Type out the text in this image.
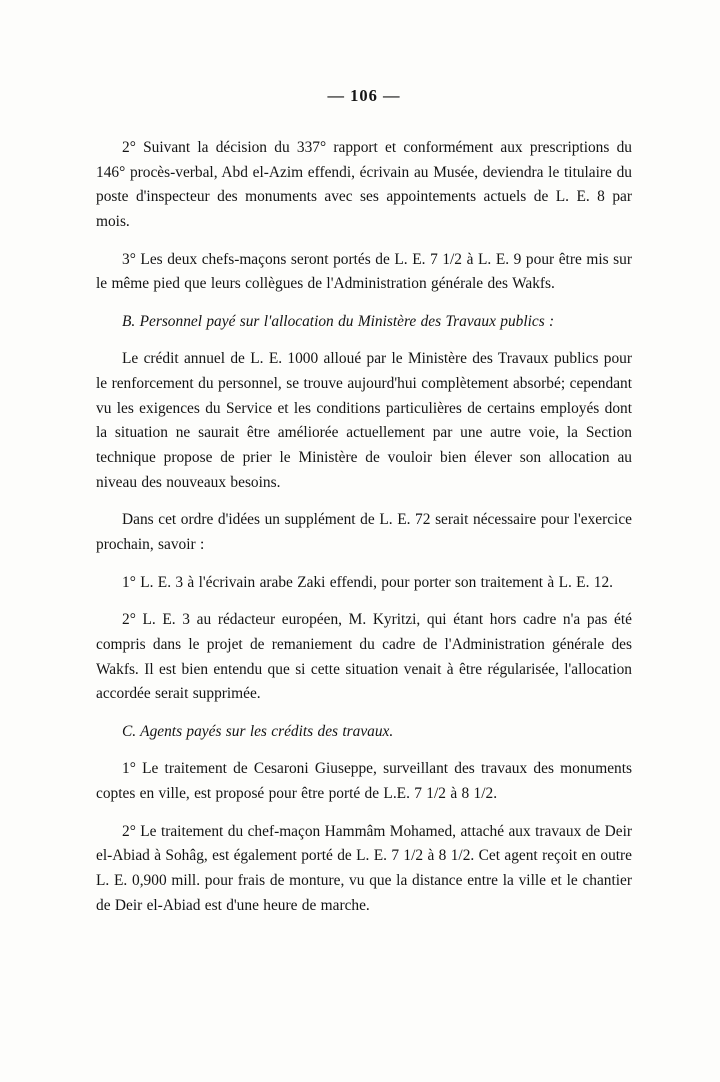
— 106 —

2° Suivant la décision du 337° rapport et conformément aux prescriptions du 146° procès-verbal, Abd el-Azim effendi, écrivain au Musée, deviendra le titulaire du poste d'inspecteur des monuments avec ses appointements actuels de L. E. 8 par mois.

3° Les deux chefs-maçons seront portés de L. E. 7 1/2 à L. E. 9 pour être mis sur le même pied que leurs collègues de l'Administration générale des Wakfs.

B. Personnel payé sur l'allocation du Ministère des Travaux publics :

Le crédit annuel de L. E. 1000 alloué par le Ministère des Travaux publics pour le renforcement du personnel, se trouve aujourd'hui complètement absorbé; cependant vu les exigences du Service et les conditions particulières de certains employés dont la situation ne saurait être améliorée actuellement par une autre voie, la Section technique propose de prier le Ministère de vouloir bien élever son allocation au niveau des nouveaux besoins.

Dans cet ordre d'idées un supplément de L. E. 72 serait nécessaire pour l'exercice prochain, savoir :

1° L. E. 3 à l'écrivain arabe Zaki effendi, pour porter son traitement à L. E. 12.

2° L. E. 3 au rédacteur européen, M. Kyritzi, qui étant hors cadre n'a pas été compris dans le projet de remaniement du cadre de l'Administration générale des Wakfs. Il est bien entendu que si cette situation venait à être régularisée, l'allocation accordée serait supprimée.

C. Agents payés sur les crédits des travaux.

1° Le traitement de Cesaroni Giuseppe, surveillant des travaux des monuments coptes en ville, est proposé pour être porté de L.E. 7 1/2 à 8 1/2.

2° Le traitement du chef-maçon Hammâm Mohamed, attaché aux travaux de Deir el-Abiad à Sohâg, est également porté de L. E. 7 1/2 à 8 1/2. Cet agent reçoit en outre L. E. 0,900 mill. pour frais de monture, vu que la distance entre la ville et le chantier de Deir el-Abiad est d'une heure de marche.
